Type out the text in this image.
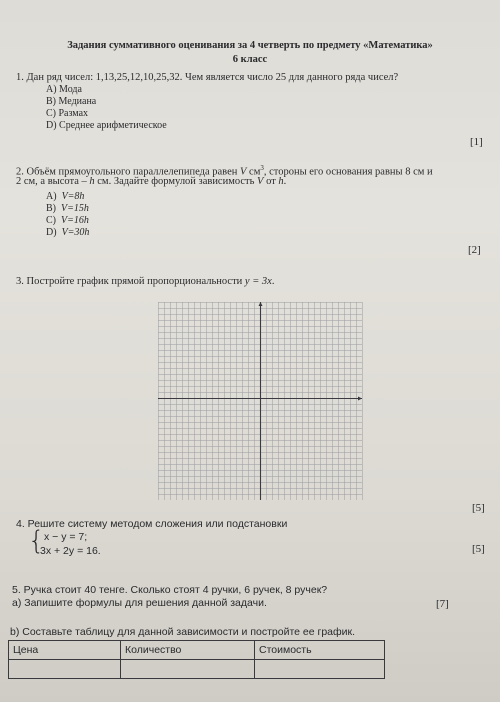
Задания суммативного оценивания за 4 четверть по предмету «Математика»
6 класс
1. Дан ряд чисел: 1,13,25,12,10,25,32. Чем является число 25 для данного ряда чисел?
A) Мода
B) Медиана
C) Размах
D) Среднее арифметическое
[1]
2. Объём прямоугольного параллелепипеда равен V $см^3$, стороны его основания равны 8 см и
2 см, а высота – h см. Задайте формулой зависимость V от h.
A) V=8h
B) V=15h
C) V=16h
D) V=30h
[2]
3. Постройте график прямой пропорциональности y = 3x.
[5]
4. Решите систему методом сложения или подстановки
{ x − y = 7;
3x + 2y = 16.	[5]
5. Ручка стоит 40 тенге. Сколько стоят 4 ручки, 6 ручек, 8 ручек?
а) Запишите формулы для решения данной задачи.	[7]
b) Составьте таблицу для данной зависимости и постройте ее график.
Цена	Количество	Стоимость
